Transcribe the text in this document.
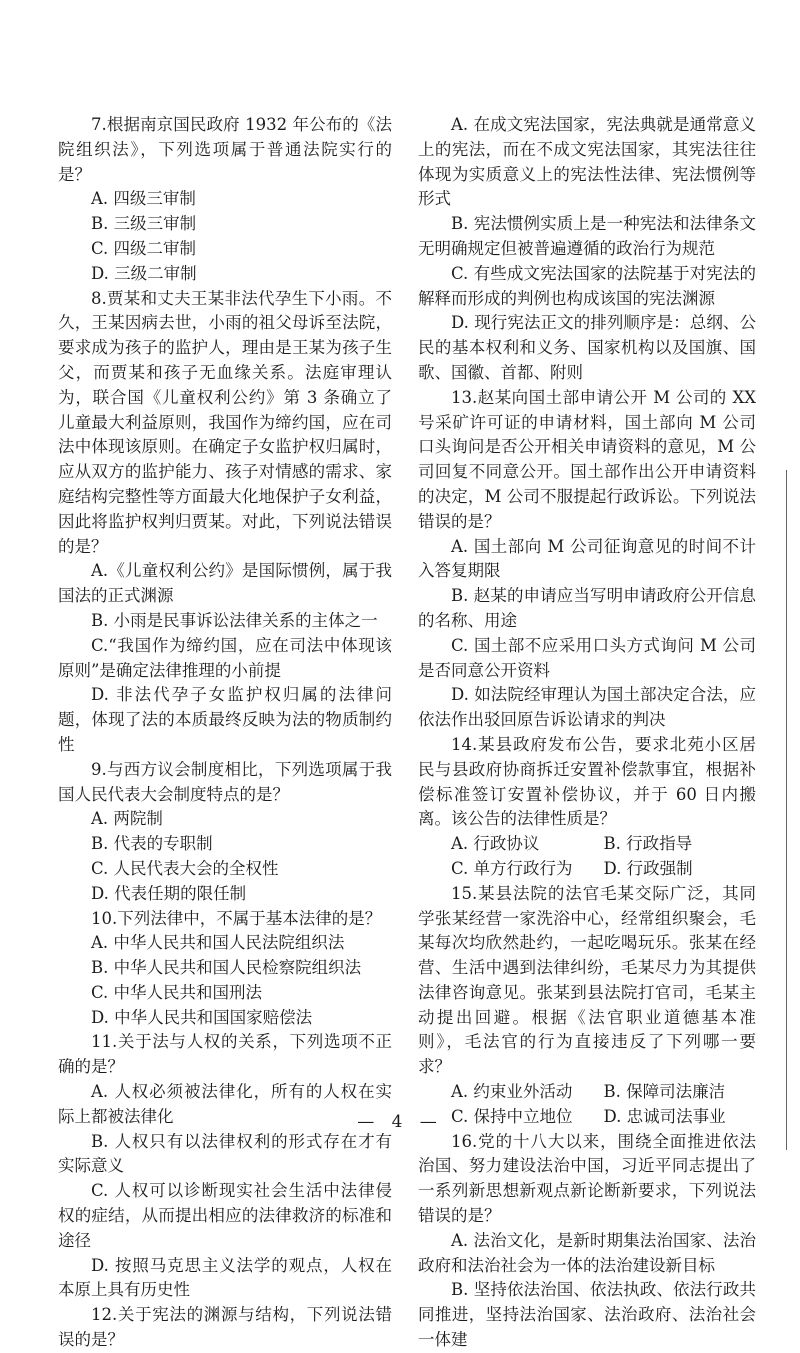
7.根据南京国民政府 1932 年公布的《法院组织法》，下列选项属于普通法院实行的是？

A. 四级三审制

B. 三级三审制

C. 四级二审制

D. 三级二审制

8.贾某和丈夫王某非法代孕生下小雨。不久，王某因病去世，小雨的祖父母诉至法院，要求成为孩子的监护人，理由是王某为孩子生父，而贾某和孩子无血缘关系。法庭审理认为，联合国《儿童权利公约》第 3 条确立了儿童最大利益原则，我国作为缔约国，应在司法中体现该原则。在确定子女监护权归属时，应从双方的监护能力、孩子对情感的需求、家庭结构完整性等方面最大化地保护子女利益，因此将监护权判归贾某。对此，下列说法错误的是？

A.《儿童权利公约》是国际惯例，属于我国法的正式渊源

B. 小雨是民事诉讼法律关系的主体之一

C.“我国作为缔约国，应在司法中体现该原则”是确定法律推理的小前提

D. 非法代孕子女监护权归属的法律问题，体现了法的本质最终反映为法的物质制约性

9.与西方议会制度相比，下列选项属于我国人民代表大会制度特点的是？

A. 两院制

B. 代表的专职制

C. 人民代表大会的全权性

D. 代表任期的限任制

10.下列法律中，不属于基本法律的是？

A. 中华人民共和国人民法院组织法

B. 中华人民共和国人民检察院组织法

C. 中华人民共和国刑法

D. 中华人民共和国国家赔偿法

11.关于法与人权的关系，下列选项不正确的是？

A. 人权必须被法律化，所有的人权在实际上都被法律化

B. 人权只有以法律权利的形式存在才有实际意义

C. 人权可以诊断现实社会生活中法律侵权的症结，从而提出相应的法律救济的标准和途径

D. 按照马克思主义法学的观点，人权在本原上具有历史性

12.关于宪法的渊源与结构，下列说法错误的是？

A. 在成文宪法国家，宪法典就是通常意义上的宪法，而在不成文宪法国家，其宪法往往体现为实质意义上的宪法性法律、宪法惯例等形式

B. 宪法惯例实质上是一种宪法和法律条文无明确规定但被普遍遵循的政治行为规范

C. 有些成文宪法国家的法院基于对宪法的解释而形成的判例也构成该国的宪法渊源

D. 现行宪法正文的排列顺序是：总纲、公民的基本权利和义务、国家机构以及国旗、国歌、国徽、首都、附则

13.赵某向国土部申请公开 M 公司的 XX 号采矿许可证的申请材料，国土部向 M 公司口头询问是否公开相关申请资料的意见，M 公司回复不同意公开。国土部作出公开申请资料的决定，M 公司不服提起行政诉讼。下列说法错误的是？

A. 国土部向 M 公司征询意见的时间不计入答复期限

B. 赵某的申请应当写明申请政府公开信息的名称、用途

C. 国土部不应采用口头方式询问 M 公司是否同意公开资料

D. 如法院经审理认为国土部决定合法，应依法作出驳回原告诉讼请求的判决

14.某县政府发布公告，要求北苑小区居民与县政府协商拆迁安置补偿款事宜，根据补偿标准签订安置补偿协议，并于 60 日内搬离。该公告的法律性质是？

A. 行政协议	B. 行政指导

C. 单方行政行为	D. 行政强制

15.某县法院的法官毛某交际广泛，其同学张某经营一家洗浴中心，经常组织聚会，毛某每次均欣然赴约，一起吃喝玩乐。张某在经营、生活中遇到法律纠纷，毛某尽力为其提供法律咨询意见。张某到县法院打官司，毛某主动提出回避。根据《法官职业道德基本准则》，毛法官的行为直接违反了下列哪一要求？

A. 约束业外活动	B. 保障司法廉洁

C. 保持中立地位	D. 忠诚司法事业

16.党的十八大以来，围绕全面推进依法治国、努力建设法治中国，习近平同志提出了一系列新思想新观点新论断新要求，下列说法错误的是？

A. 法治文化，是新时期集法治国家、法治政府和法治社会为一体的法治建设新目标

B. 坚持依法治国、依法执政、依法行政共同推进，坚持法治国家、法治政府、法治社会一体建

— 4 —
